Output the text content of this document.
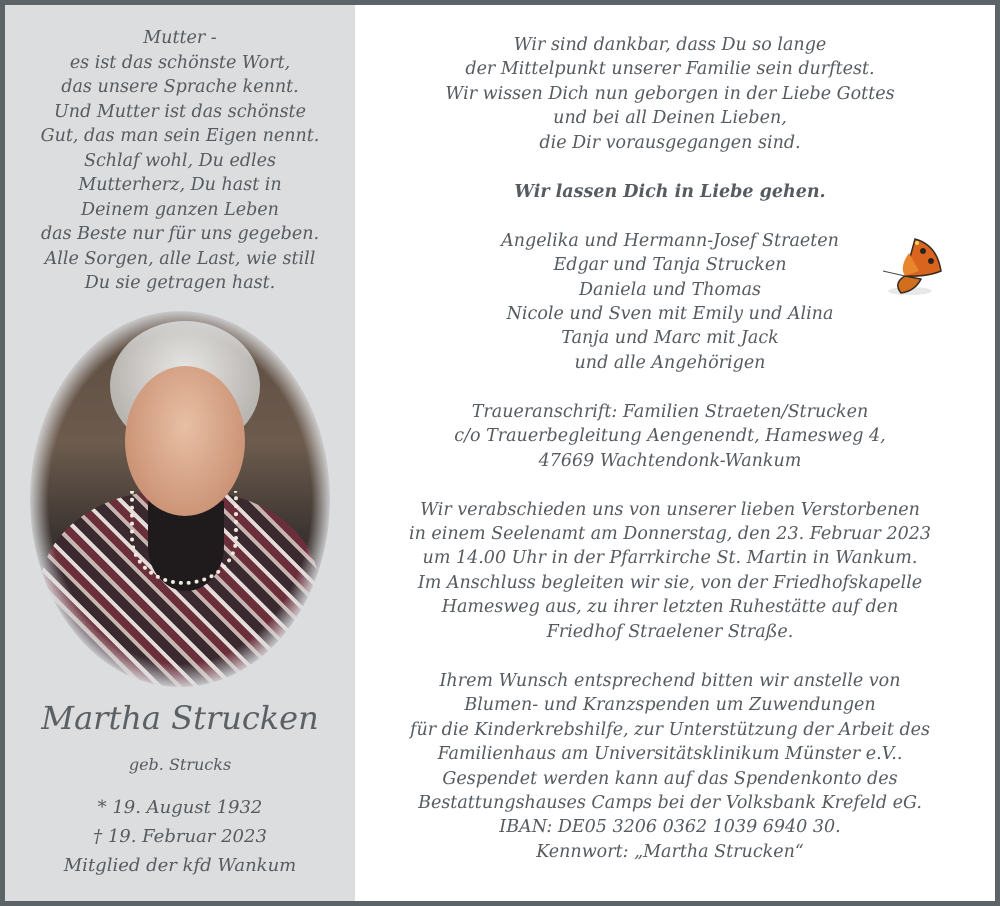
Mutter -
es ist das schönste Wort,
das unsere Sprache kennt.
Und Mutter ist das schönste
Gut, das man sein Eigen nennt.
Schlaf wohl, Du edles
Mutterherz, Du hast in
Deinem ganzen Leben
das Beste nur für uns gegeben.
Alle Sorgen, alle Last, wie still
Du sie getragen hast.
Martha Strucken
geb. Strucks
* 19. August 1932
† 19. Februar 2023
Mitglied der kfd Wankum

Wir sind dankbar, dass Du so lange
der Mittelpunkt unserer Familie sein durftest.
Wir wissen Dich nun geborgen in der Liebe Gottes
und bei all Deinen Lieben,
die Dir vorausgegangen sind.

Wir lassen Dich in Liebe gehen.

Angelika und Hermann-Josef Straeten
Edgar und Tanja Strucken
Daniela und Thomas
Nicole und Sven mit Emily und Alina
Tanja und Marc mit Jack
und alle Angehörigen

Traueranschrift: Familien Straeten/Strucken
c/o Trauerbegleitung Aengenendt, Hamesweg 4,
47669 Wachtendonk-Wankum

Wir verabschieden uns von unserer lieben Verstorbenen
in einem Seelenamt am Donnerstag, den 23. Februar 2023
um 14.00 Uhr in der Pfarrkirche St. Martin in Wankum.
Im Anschluss begleiten wir sie, von der Friedhofskapelle
Hamesweg aus, zu ihrer letzten Ruhestätte auf den
Friedhof Straelener Straße.

Ihrem Wunsch entsprechend bitten wir anstelle von
Blumen- und Kranzspenden um Zuwendungen
für die Kinderkrebshilfe, zur Unterstützung der Arbeit des
Familienhaus am Universitätsklinikum Münster e.V..
Gespendet werden kann auf das Spendenkonto des
Bestattungshauses Camps bei der Volksbank Krefeld eG.
IBAN: DE05 3206 0362 1039 6940 30.
Kennwort: „Martha Strucken“
